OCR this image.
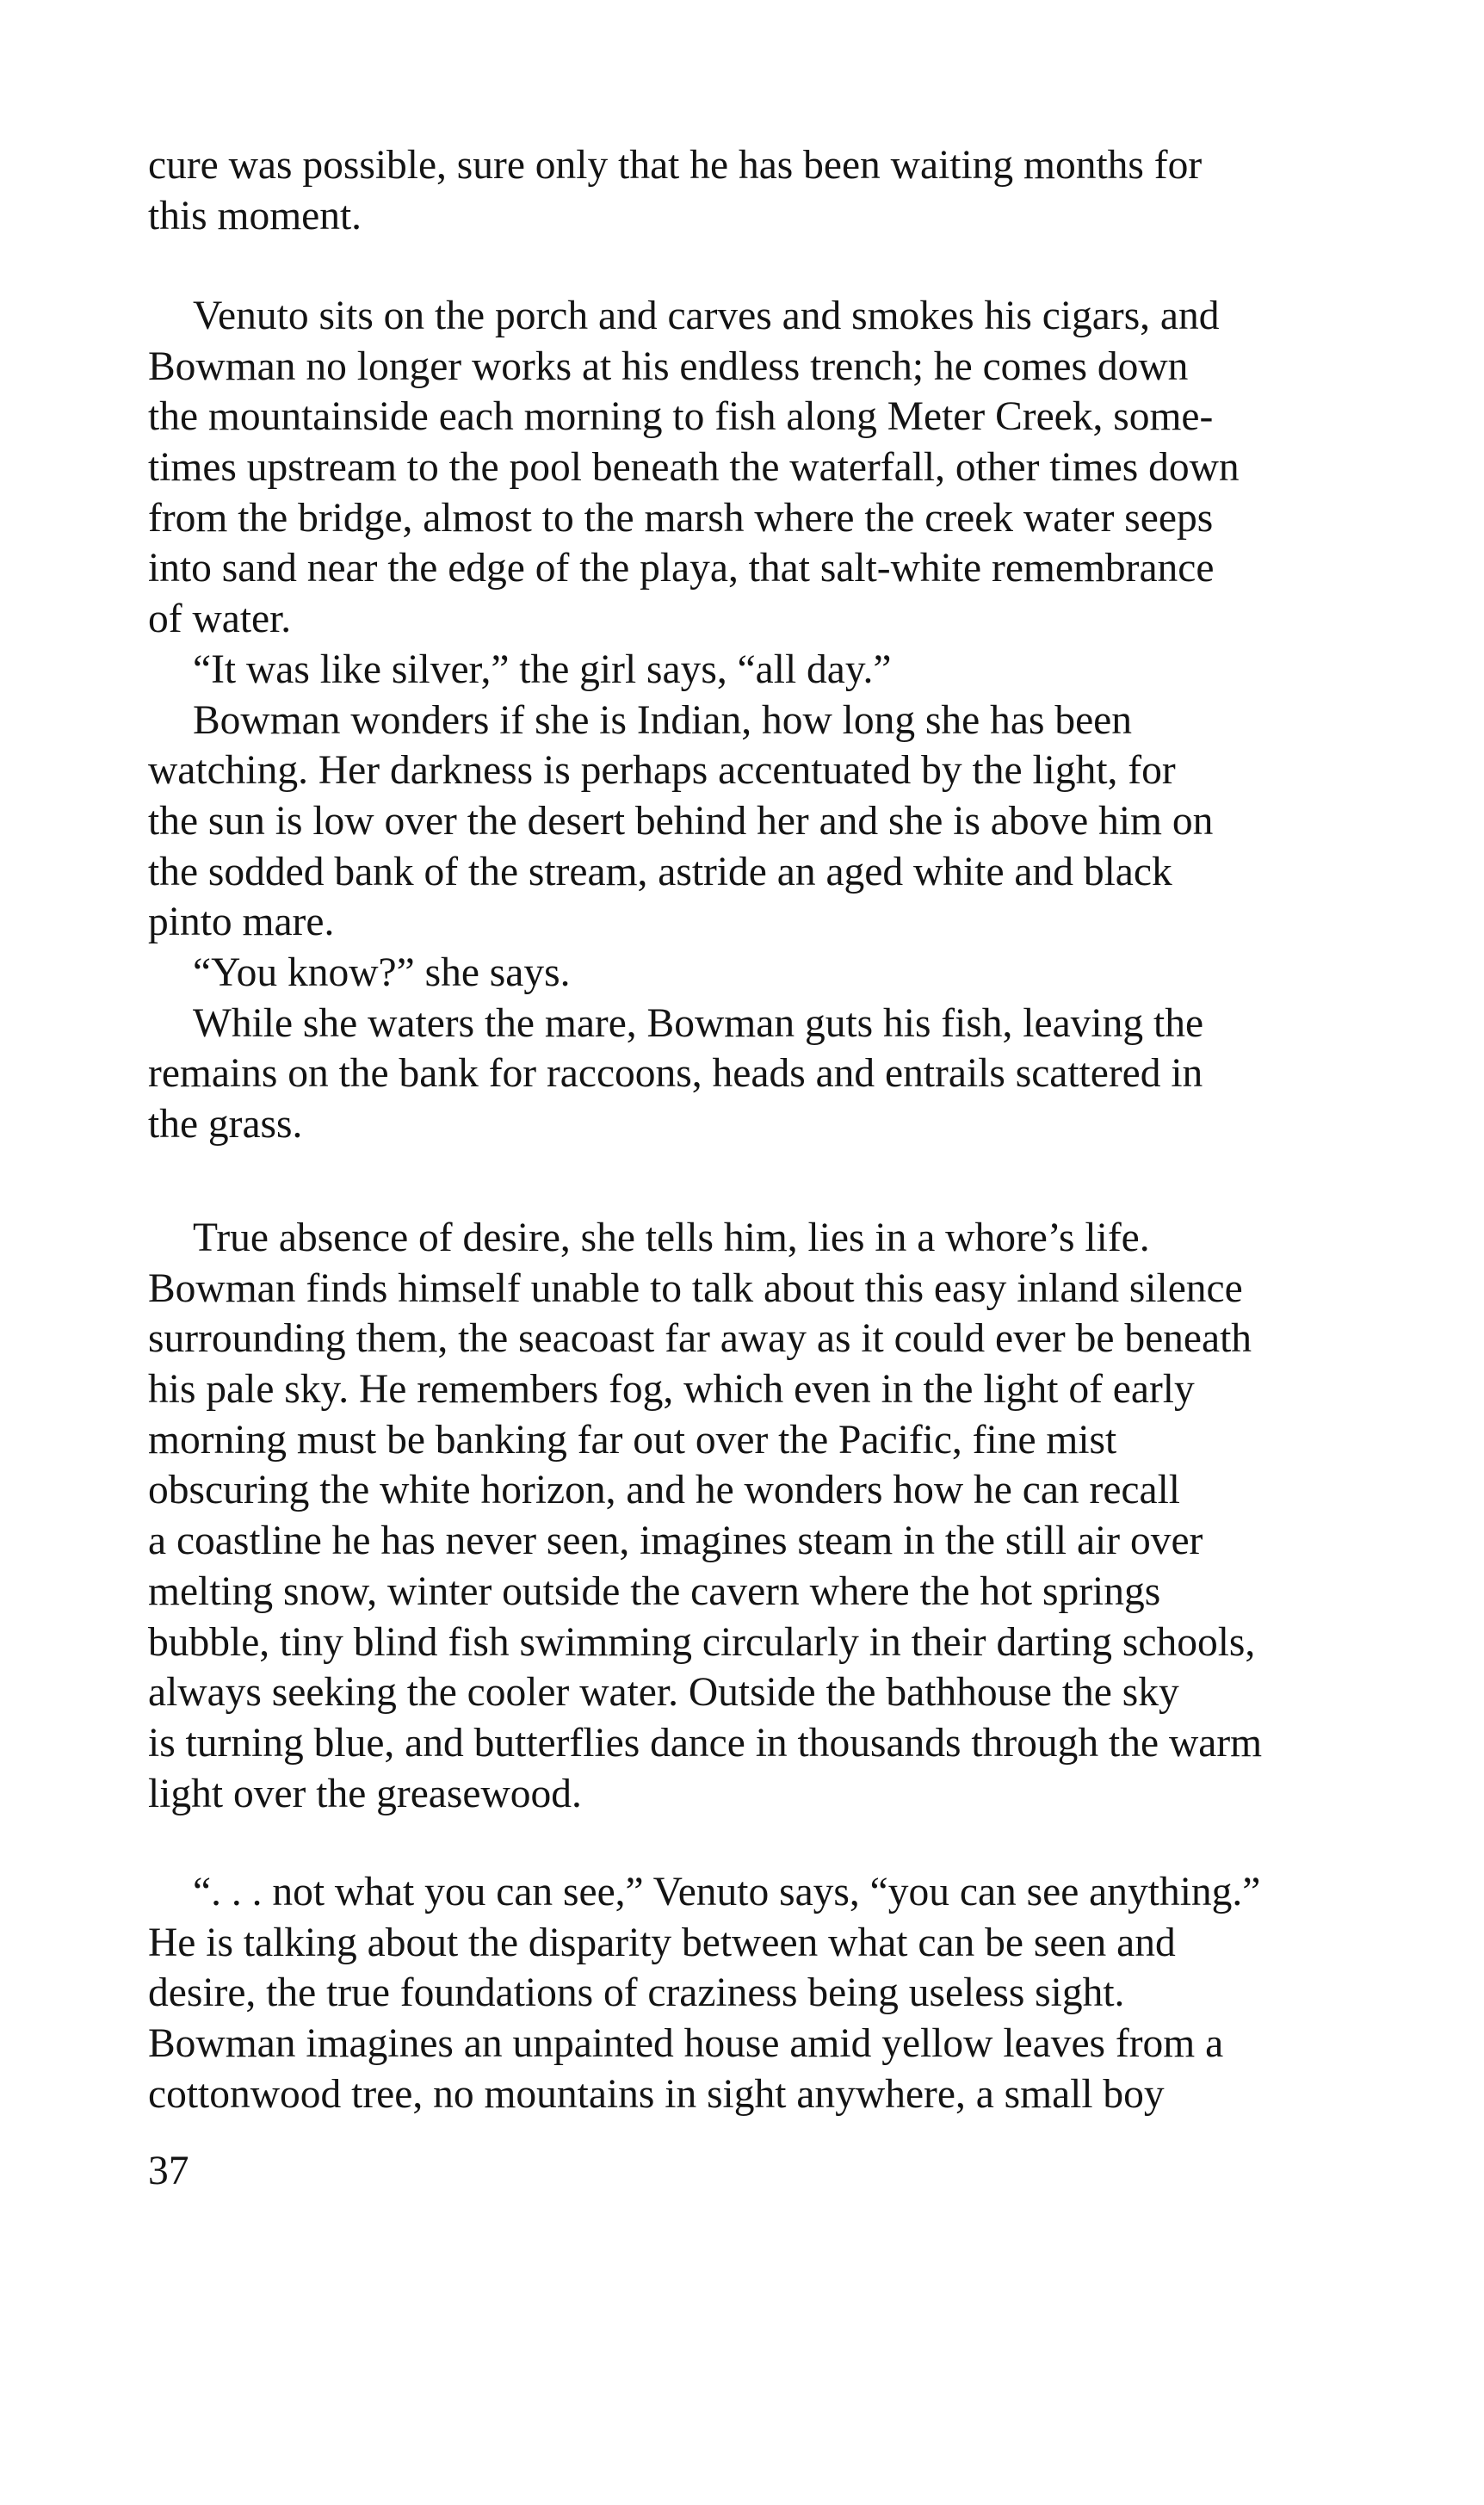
cure was possible, sure only that he has been waiting months for
this moment.
Venuto sits on the porch and carves and smokes his cigars, and
Bowman no longer works at his endless trench; he comes down
the mountainside each morning to fish along Meter Creek, some-
times upstream to the pool beneath the waterfall, other times down
from the bridge, almost to the marsh where the creek water seeps
into sand near the edge of the playa, that salt-white remembrance
of water.
“It was like silver,” the girl says, “all day.”
Bowman wonders if she is Indian, how long she has been
watching. Her darkness is perhaps accentuated by the light, for
the sun is low over the desert behind her and she is above him on
the sodded bank of the stream, astride an aged white and black
pinto mare.
“You know?” she says.
While she waters the mare, Bowman guts his fish, leaving the
remains on the bank for raccoons, heads and entrails scattered in
the grass.
True absence of desire, she tells him, lies in a whore’s life.
Bowman finds himself unable to talk about this easy inland silence
surrounding them, the seacoast far away as it could ever be beneath
his pale sky. He remembers fog, which even in the light of early
morning must be banking far out over the Pacific, fine mist
obscuring the white horizon, and he wonders how he can recall
a coastline he has never seen, imagines steam in the still air over
melting snow, winter outside the cavern where the hot springs
bubble, tiny blind fish swimming circularly in their darting schools,
always seeking the cooler water. Outside the bathhouse the sky
is turning blue, and butterflies dance in thousands through the warm
light over the greasewood.
“. . . not what you can see,” Venuto says, “you can see anything.”
He is talking about the disparity between what can be seen and
desire, the true foundations of craziness being useless sight.
Bowman imagines an unpainted house amid yellow leaves from a
cottonwood tree, no mountains in sight anywhere, a small boy
37
